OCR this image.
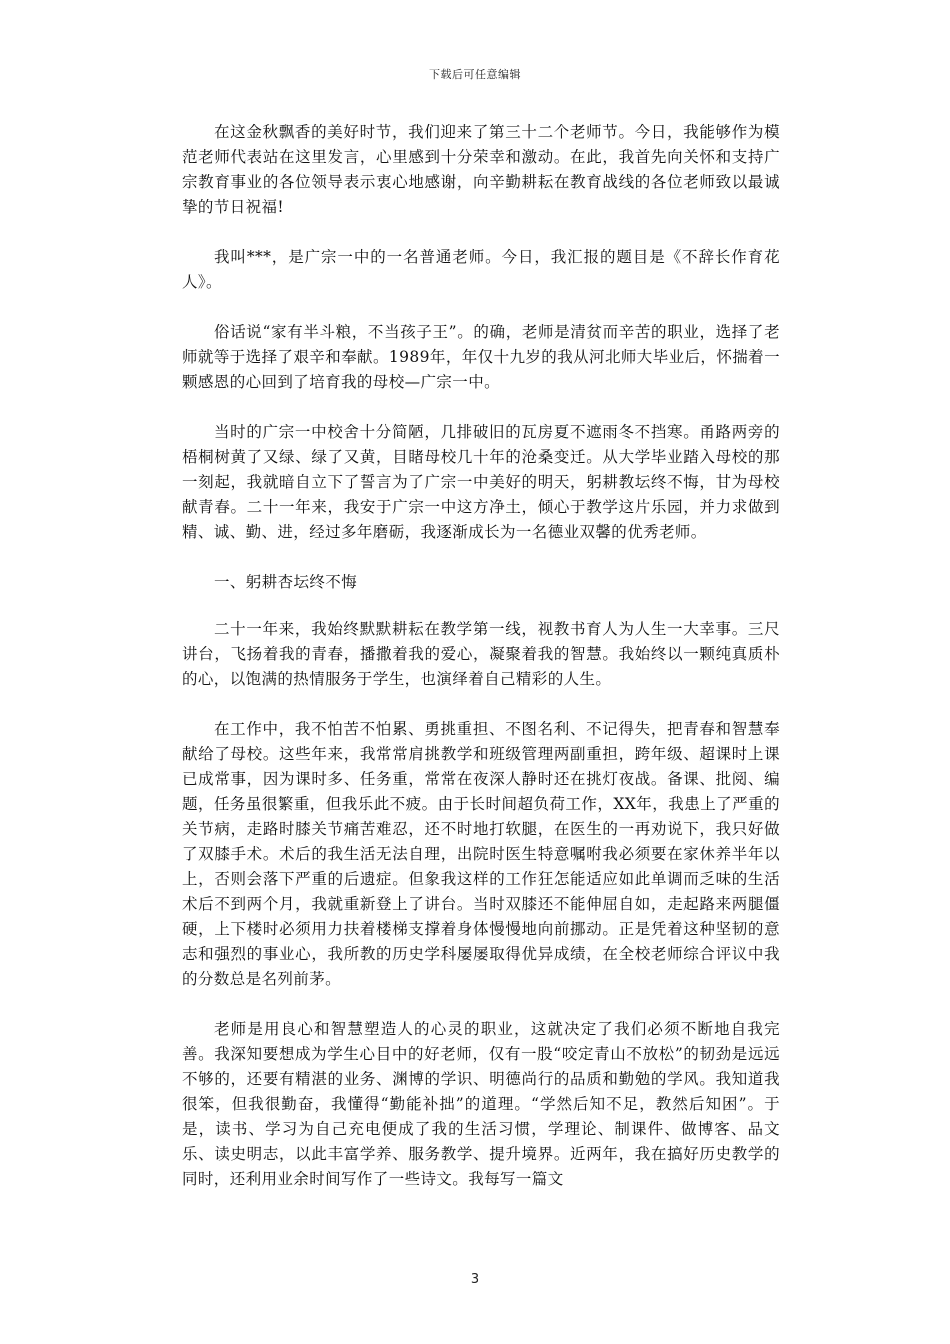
下载后可任意编辑

在这金秋飘香的美好时节，我们迎来了第三十二个老师节。今日，我能够作为模范老师代表站在这里发言，心里感到十分荣幸和激动。在此，我首先向关怀和支持广宗教育事业的各位领导表示衷心地感谢，向辛勤耕耘在教育战线的各位老师致以最诚挚的节日祝福!

我叫***，是广宗一中的一名普通老师。今日，我汇报的题目是《不辞长作育花人》。

俗话说“家有半斗粮，不当孩子王”。的确，老师是清贫而辛苦的职业，选择了老师就等于选择了艰辛和奉献。1989年，年仅十九岁的我从河北师大毕业后，怀揣着一颗感恩的心回到了培育我的母校—广宗一中。

当时的广宗一中校舍十分简陋，几排破旧的瓦房夏不遮雨冬不挡寒。甬路两旁的梧桐树黄了又绿、绿了又黄，目睹母校几十年的沧桑变迁。从大学毕业踏入母校的那一刻起，我就暗自立下了誓言为了广宗一中美好的明天，躬耕教坛终不悔，甘为母校献青春。二十一年来，我安于广宗一中这方净土，倾心于教学这片乐园，并力求做到精、诚、勤、进，经过多年磨砺，我逐渐成长为一名德业双馨的优秀老师。

一、躬耕杏坛终不悔

二十一年来，我始终默默耕耘在教学第一线，视教书育人为人生一大幸事。三尺讲台，飞扬着我的青春，播撒着我的爱心，凝聚着我的智慧。我始终以一颗纯真质朴的心，以饱满的热情服务于学生，也演绎着自己精彩的人生。

在工作中，我不怕苦不怕累、勇挑重担、不图名利、不记得失，把青春和智慧奉献给了母校。这些年来，我常常肩挑教学和班级管理两副重担，跨年级、超课时上课已成常事，因为课时多、任务重，常常在夜深人静时还在挑灯夜战。备课、批阅、编题，任务虽很繁重，但我乐此不疲。由于长时间超负荷工作，XX年，我患上了严重的关节病，走路时膝关节痛苦难忍，还不时地打软腿，在医生的一再劝说下，我只好做了双膝手术。术后的我生活无法自理，出院时医生特意嘱咐我必须要在家休养半年以上，否则会落下严重的后遗症。但象我这样的工作狂怎能适应如此单调而乏味的生活术后不到两个月，我就重新登上了讲台。当时双膝还不能伸屈自如，走起路来两腿僵硬，上下楼时必须用力扶着楼梯支撑着身体慢慢地向前挪动。正是凭着这种坚韧的意志和强烈的事业心，我所教的历史学科屡屡取得优异成绩，在全校老师综合评议中我的分数总是名列前茅。

老师是用良心和智慧塑造人的心灵的职业，这就决定了我们必须不断地自我完善。我深知要想成为学生心目中的好老师，仅有一股“咬定青山不放松”的韧劲是远远不够的，还要有精湛的业务、渊博的学识、明德尚行的品质和勤勉的学风。我知道我很笨，但我很勤奋，我懂得“勤能补拙”的道理。“学然后知不足，教然后知困”。于是，读书、学习为自己充电便成了我的生活习惯，学理论、制课件、做博客、品文乐、读史明志，以此丰富学养、服务教学、提升境界。近两年，我在搞好历史教学的同时，还利用业余时间写作了一些诗文。我每写一篇文

3
